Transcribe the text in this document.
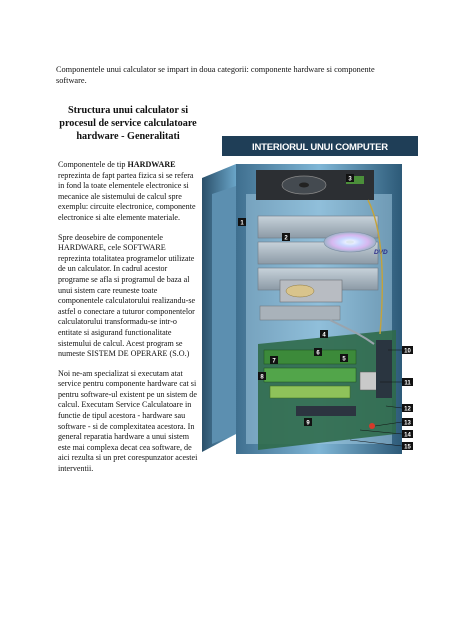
Componentele unui calculator se impart in doua categorii: componente hardware si componente software.
Structura unui calculator si procesul de service calculatoare hardware - Generalitati

Componentele de tip HARDWARE reprezinta de fapt partea fizica si se refera in fond la toate elementele electronice si mecanice ale sistemului de calcul spre exemplu: circuite electronice, componente electronice si alte elemente materiale.

Spre deosebire de componentele HARDWARE, cele SOFTWARE reprezinta totalitatea programelor utilizate de un calculator. In cadrul acestor programe se afla si programul de baza al unui sistem care reuneste toate componentele calculatorului realizandu-se astfel o conectare a tuturor componentelor calculatorului transformadu-se intr-o entitate si asigurand functionalitate sistemului de calcul. Acest program se numeste SISTEM DE OPERARE (S.O.)

Noi ne-am specializat si executam atat service pentru componente hardware cat si pentru software-ul existent pe un sistem de calcul. Executam Service Calculatoare in functie de tipul acestora - hardware sau software - si de complexitatea acestora. In general reparatia hardware a unui sistem este mai complexa decat cea software, de aici rezulta si un pret corespunzator acestei interventii.

INTERIORUL UNUI COMPUTER
DVD
1
2
3
4
5
6
7
8
9
10
11
12
13
14
15
